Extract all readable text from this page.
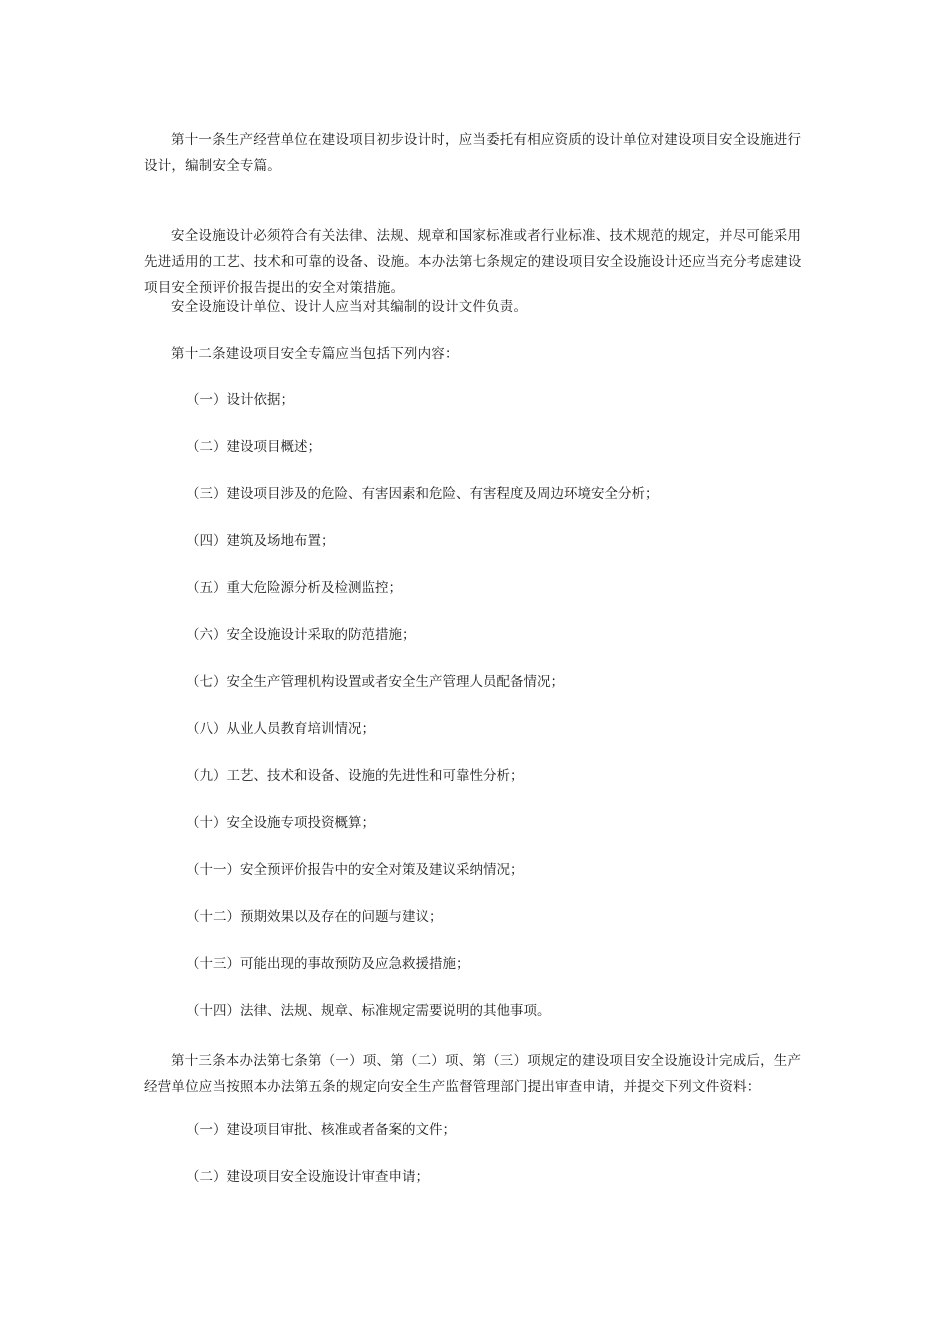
第十一条生产经营单位在建设项目初步设计时，应当委托有相应资质的设计单位对建设项目安全设施进行设计，编制安全专篇。

安全设施设计必须符合有关法律、法规、规章和国家标准或者行业标准、技术规范的规定，并尽可能采用先进适用的工艺、技术和可靠的设备、设施。本办法第七条规定的建设项目安全设施设计还应当充分考虑建设项目安全预评价报告提出的安全对策措施。

安全设施设计单位、设计人应当对其编制的设计文件负责。

第十二条建设项目安全专篇应当包括下列内容：

（一）设计依据；

（二）建设项目概述；

（三）建设项目涉及的危险、有害因素和危险、有害程度及周边环境安全分析；

（四）建筑及场地布置；

（五）重大危险源分析及检测监控；

（六）安全设施设计采取的防范措施；

（七）安全生产管理机构设置或者安全生产管理人员配备情况；

（八）从业人员教育培训情况；

（九）工艺、技术和设备、设施的先进性和可靠性分析；

（十）安全设施专项投资概算；

（十一）安全预评价报告中的安全对策及建议采纳情况；

（十二）预期效果以及存在的问题与建议；

（十三）可能出现的事故预防及应急救援措施；

（十四）法律、法规、规章、标准规定需要说明的其他事项。

第十三条本办法第七条第（一）项、第（二）项、第（三）项规定的建设项目安全设施设计完成后，生产经营单位应当按照本办法第五条的规定向安全生产监督管理部门提出审查申请，并提交下列文件资料：

（一）建设项目审批、核准或者备案的文件；

（二）建设项目安全设施设计审查申请；
